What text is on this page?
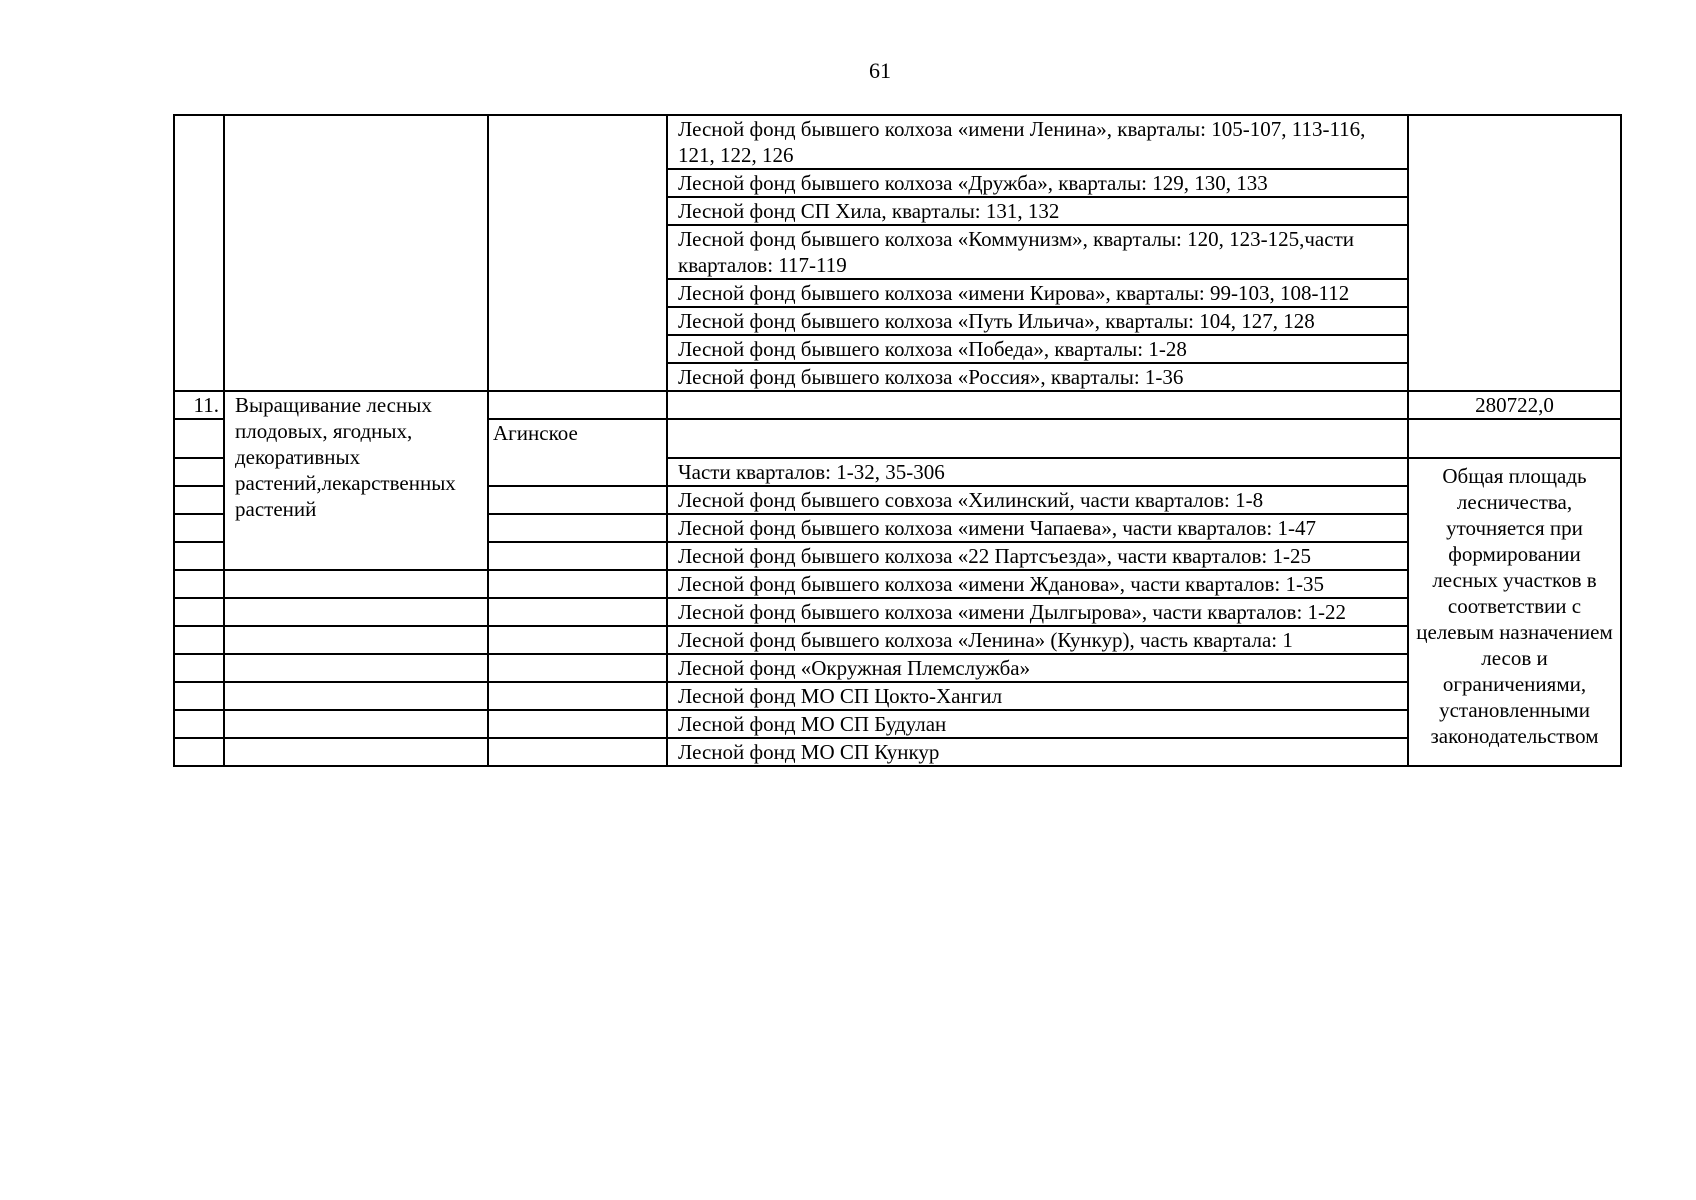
61
			Лесной фонд бывшего колхоза «имени Ленина», кварталы: 105-107, 113-116, 121, 122, 126	
			Лесной фонд бывшего колхоза «Дружба», кварталы: 129, 130, 133	
			Лесной фонд СП Хила, кварталы: 131, 132	
			Лесной фонд бывшего колхоза «Коммунизм», кварталы: 120, 123-125,части кварталов: 117-119	
			Лесной фонд бывшего колхоза «имени Кирова», кварталы: 99-103, 108-112	
			Лесной фонд бывшего колхоза «Путь Ильича», кварталы: 104, 127, 128	
			Лесной фонд бывшего колхоза «Победа», кварталы: 1-28	
			Лесной фонд бывшего колхоза «Россия», кварталы: 1-36	
11.	Выращивание лесных плодовых, ягодных, декоративных растений,лекарственных растений			280722,0
		Агинское		
			Части кварталов: 1-32, 35-306	Общая площадь лесничества, уточняется при формировании лесных участков в соответствии с целевым назначением лесов и ограничениями, установленными законодательством
			Лесной фонд бывшего совхоза «Хилинский, части кварталов: 1-8	
			Лесной фонд бывшего колхоза «имени Чапаева», части кварталов: 1-47	
			Лесной фонд бывшего колхоза «22 Партсъезда», части кварталов: 1-25	
			Лесной фонд бывшего колхоза «имени Жданова», части кварталов: 1-35	
			Лесной фонд бывшего колхоза «имени Дылгырова», части кварталов: 1-22	
			Лесной фонд бывшего колхоза «Ленина» (Кункур), часть квартала: 1	
			Лесной фонд «Окружная Племслужба»	
			Лесной фонд МО СП Цокто-Хангил	
			Лесной фонд МО СП Будулан	
			Лесной фонд МО СП Кункур	
